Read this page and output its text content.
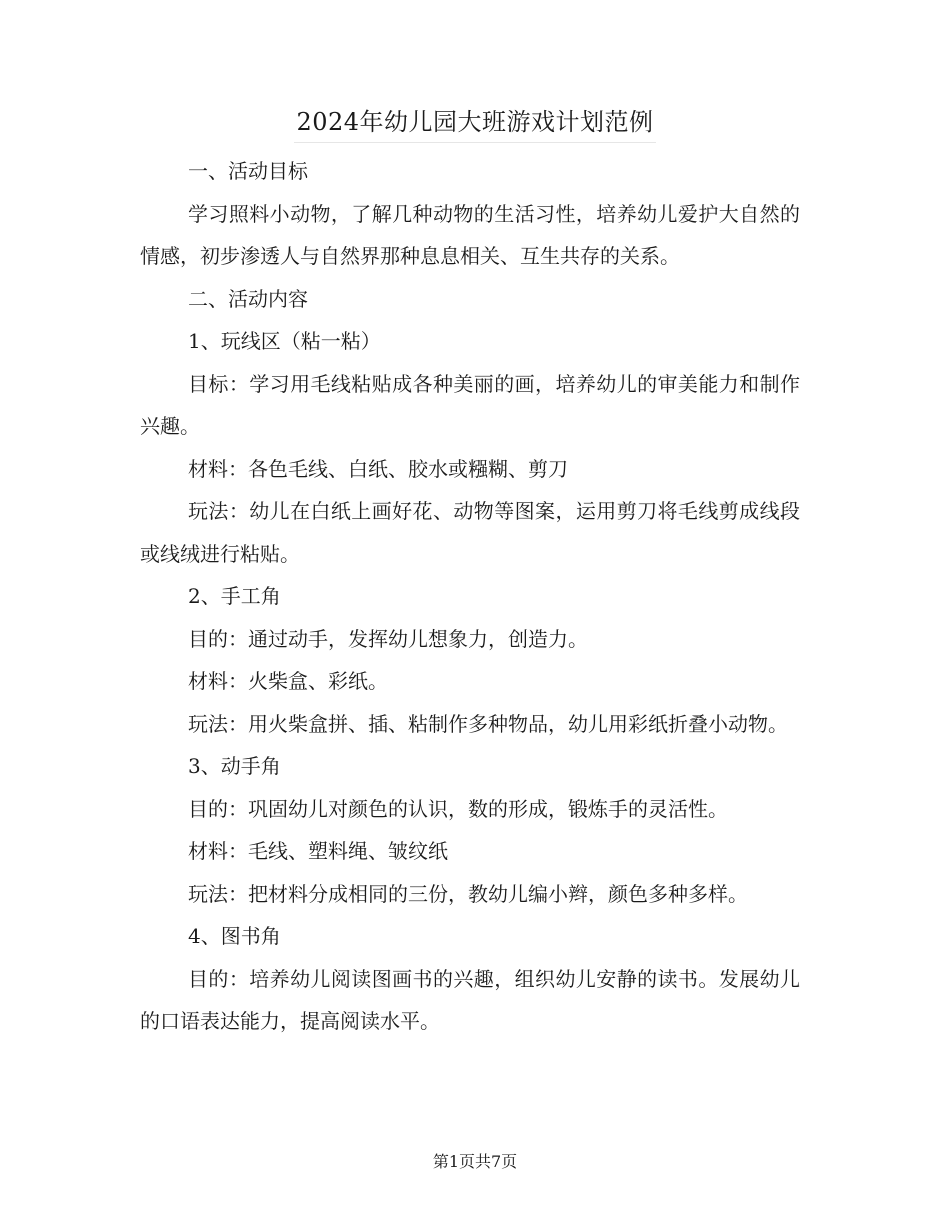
2024年幼儿园大班游戏计划范例

一、活动目标

学习照料小动物，了解几种动物的生活习性，培养幼儿爱护大自然的情感，初步渗透人与自然界那种息息相关、互生共存的关系。

二、活动内容

1、玩线区（粘一粘）

目标：学习用毛线粘贴成各种美丽的画，培养幼儿的审美能力和制作兴趣。

材料：各色毛线、白纸、胶水或糨糊、剪刀

玩法：幼儿在白纸上画好花、动物等图案，运用剪刀将毛线剪成线段或线绒进行粘贴。

2、手工角

目的：通过动手，发挥幼儿想象力，创造力。

材料：火柴盒、彩纸。

玩法：用火柴盒拼、插、粘制作多种物品，幼儿用彩纸折叠小动物。

3、动手角

目的：巩固幼儿对颜色的认识，数的形成，锻炼手的灵活性。

材料：毛线、塑料绳、皱纹纸

玩法：把材料分成相同的三份，教幼儿编小辫，颜色多种多样。

4、图书角

目的：培养幼儿阅读图画书的兴趣，组织幼儿安静的读书。发展幼儿的口语表达能力，提高阅读水平。

第1页共7页
